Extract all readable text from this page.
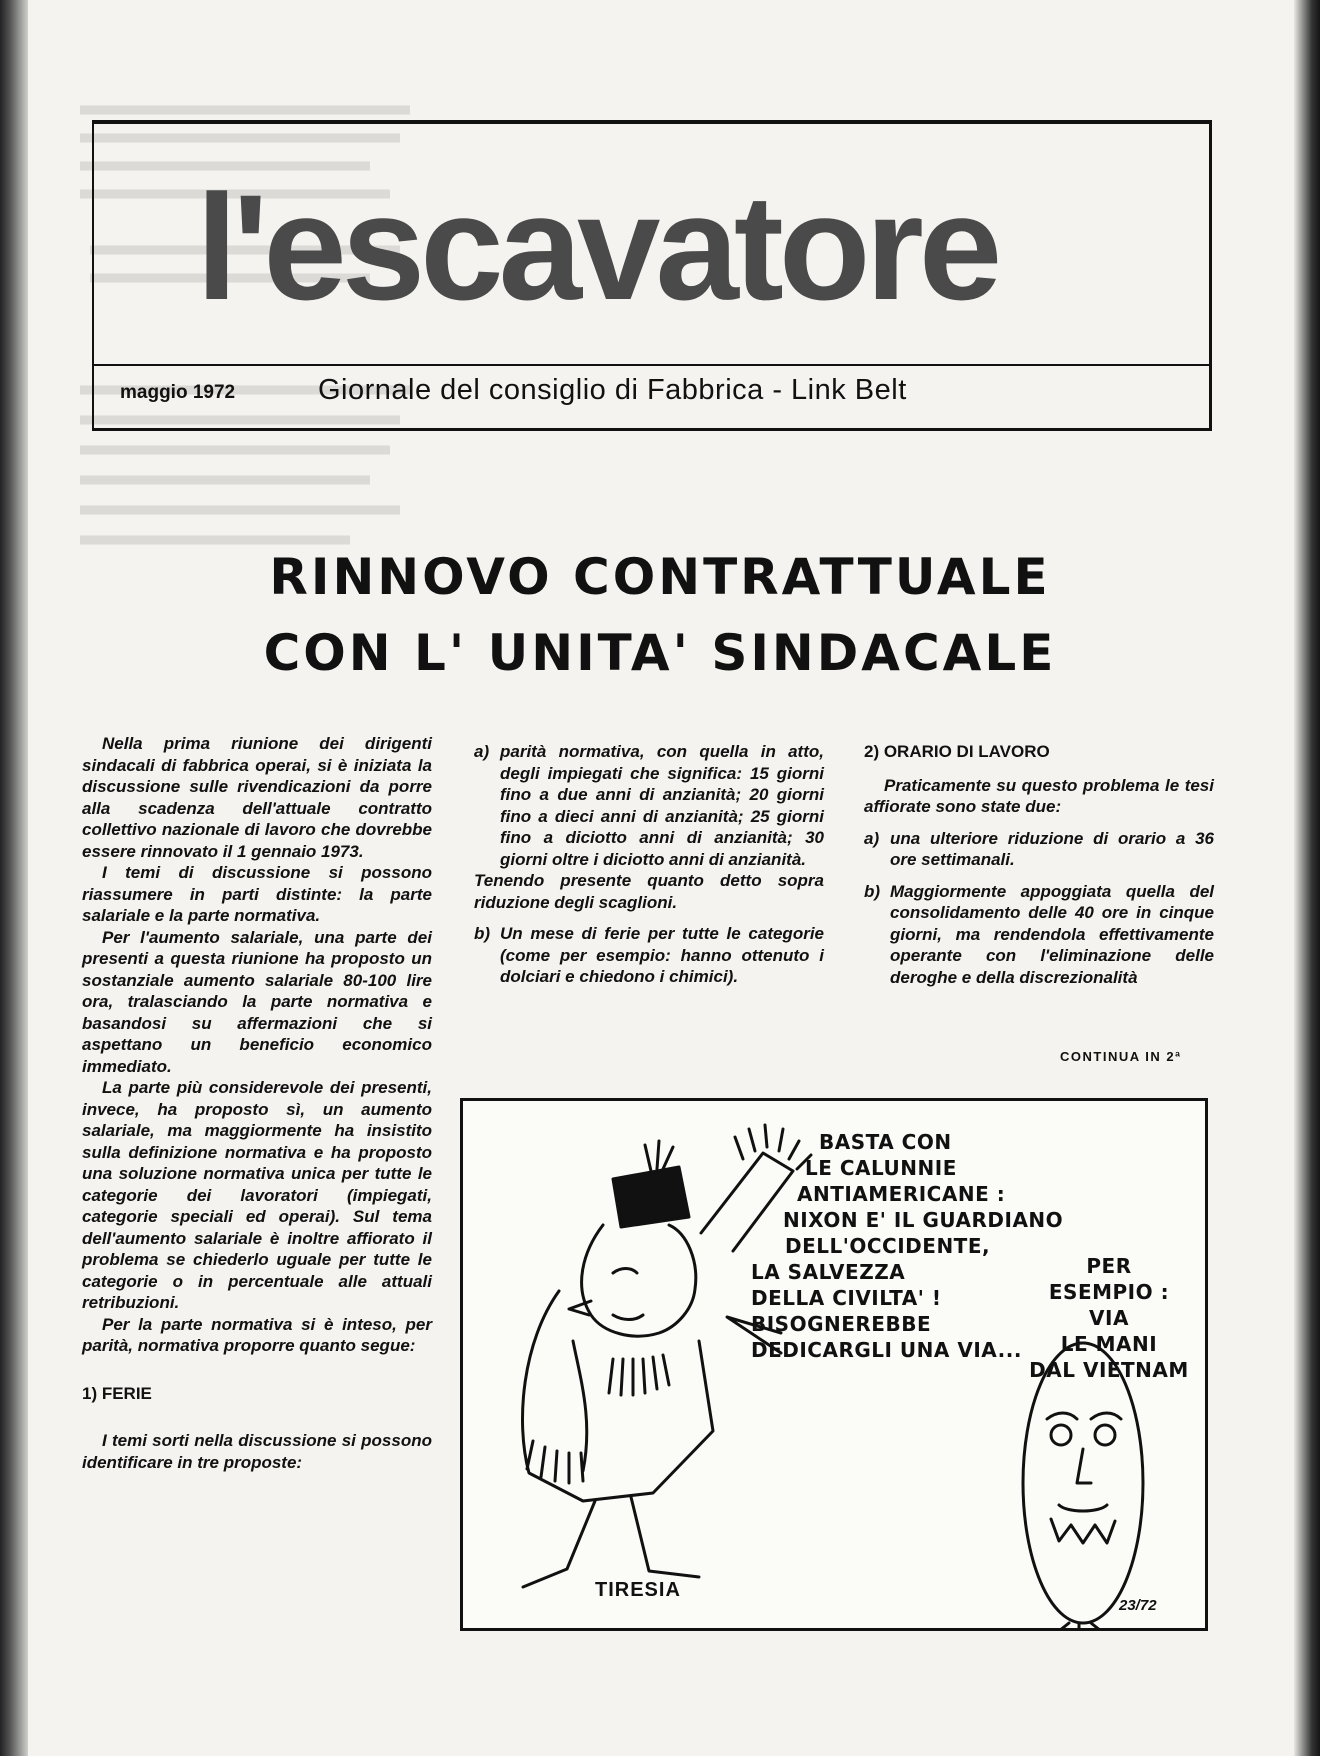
l'escavatore
maggio 1972	Giornale del consiglio di Fabbrica - Link Belt
RINNOVO CONTRATTUALE
CON L' UNITA' SINDACALE

Nella prima riunione dei dirigenti sindacali di fabbrica operai, si è iniziata la discussione sulle rivendicazioni da porre alla scadenza dell'attuale contratto collettivo nazionale di lavoro che dovrebbe essere rinnovato il 1 gennaio 1973.

I temi di discussione si possono riassumere in parti distinte: la parte salariale e la parte normativa.

Per l'aumento salariale, una parte dei presenti a questa riunione ha proposto un sostanziale aumento salariale 80-100 lire ora, tralasciando la parte normativa e basandosi su affermazioni che si aspettano un beneficio economico immediato.

La parte più considerevole dei presenti, invece, ha proposto sì, un aumento salariale, ma maggiormente ha insistito sulla definizione normativa e ha proposto una soluzione normativa unica per tutte le categorie dei lavoratori (impiegati, categorie speciali ed operai). Sul tema dell'aumento salariale è inoltre affiorato il problema se chiederlo uguale per tutte le categorie o in percentuale alle attuali retribuzioni.

Per la parte normativa si è inteso, per parità, normativa proporre quanto segue:

1) FERIE

I temi sorti nella discussione si possono identificare in tre proposte:

a) parità normativa, con quella in atto, degli impiegati che significa: 15 giorni fino a due anni di anzianità; 20 giorni fino a dieci anni di anzianità; 25 giorni fino a diciotto anni di anzianità; 30 giorni oltre i diciotto anni di anzianità.
Tenendo presente quanto detto sopra riduzione degli scaglioni.
b) Un mese di ferie per tutte le categorie (come per esempio: hanno ottenuto i dolciari e chiedono i chimici).

2) ORARIO DI LAVORO

Praticamente su questo problema le tesi affiorate sono state due:

a) una ulteriore riduzione di orario a 36 ore settimanali.
b) Maggiormente appoggiata quella del consolidamento delle 40 ore in cinque giorni, ma rendendola effettivamente operante con l'eliminazione delle deroghe e della discrezionalità
CONTINUA IN 2ª
BASTA CON
LE CALUNNIE
ANTIAMERICANE :
NIXON E' IL GUARDIANO
DELL'OCCIDENTE,
LA SALVEZZA
DELLA CIVILTA' !
BISOGNEREBBE
DEDICARGLI UNA VIA...
PER
ESEMPIO :
VIA
LE MANI
DAL VIETNAM
TIRESIA
23/72
